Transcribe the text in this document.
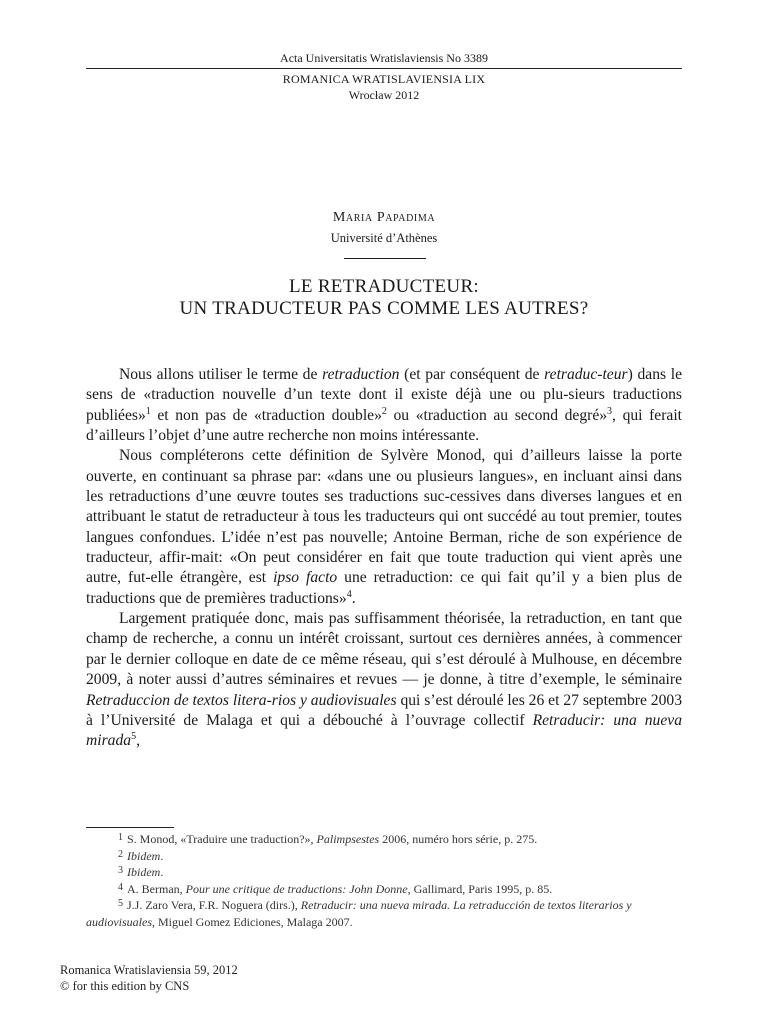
Acta Universitatis Wratislaviensis No 3389
ROMANICA WRATISLAVIENSIA LIX
Wrocław 2012
Maria Papadima
Université d’Athènes
LE RETRADUCTEUR:
UN TRADUCTEUR PAS COMME LES AUTRES?

Nous allons utiliser le terme de retraduction (et par conséquent de retraduc-teur) dans le sens de «traduction nouvelle d’un texte dont il existe déjà une ou plu-sieurs traductions publiées»$^1$ et non pas de «traduction double»$^2$ ou «traduction au second degré»$^3$, qui ferait d’ailleurs l’objet d’une autre recherche non moins intéressante.

Nous compléterons cette définition de Sylvère Monod, qui d’ailleurs laisse la porte ouverte, en continuant sa phrase par: «dans une ou plusieurs langues», en incluant ainsi dans les retraductions d’une œuvre toutes ses traductions suc-cessives dans diverses langues et en attribuant le statut de retraducteur à tous les traducteurs qui ont succédé au tout premier, toutes langues confondues. L’idée n’est pas nouvelle; Antoine Berman, riche de son expérience de traducteur, affir-mait: «On peut considérer en fait que toute traduction qui vient après une autre, fut-elle étrangère, est ipso facto une retraduction: ce qui fait qu’il y a bien plus de traductions que de premières traductions»$^4$.

Largement pratiquée donc, mais pas suffisamment théorisée, la retraduction, en tant que champ de recherche, a connu un intérêt croissant, surtout ces dernières années, à commencer par le dernier colloque en date de ce même réseau, qui s’est déroulé à Mulhouse, en décembre 2009, à noter aussi d’autres séminaires et revues — je donne, à titre d’exemple, le séminaire Retraduccion de textos litera-rios y audiovisuales qui s’est déroulé les 26 et 27 septembre 2003 à l’Université de Malaga et qui a débouché à l’ouvrage collectif Retraducir: una nueva mirada$^5$,

$^1$ S. Monod, «Traduire une traduction?», Palimpsestes 2006, numéro hors série, p. 275.
$^2$ Ibidem.
$^3$ Ibidem.
$^4$ A. Berman, Pour une critique de traductions: John Donne, Gallimard, Paris 1995, p. 85.
$^5$ J.J. Zaro Vera, F.R. Noguera (dirs.), Retraducir: una nueva mirada. La retraducción de textos literarios y audiovisuales, Miguel Gomez Ediciones, Malaga 2007.
Romanica Wratislaviensia 59, 2012
© for this edition by CNS
